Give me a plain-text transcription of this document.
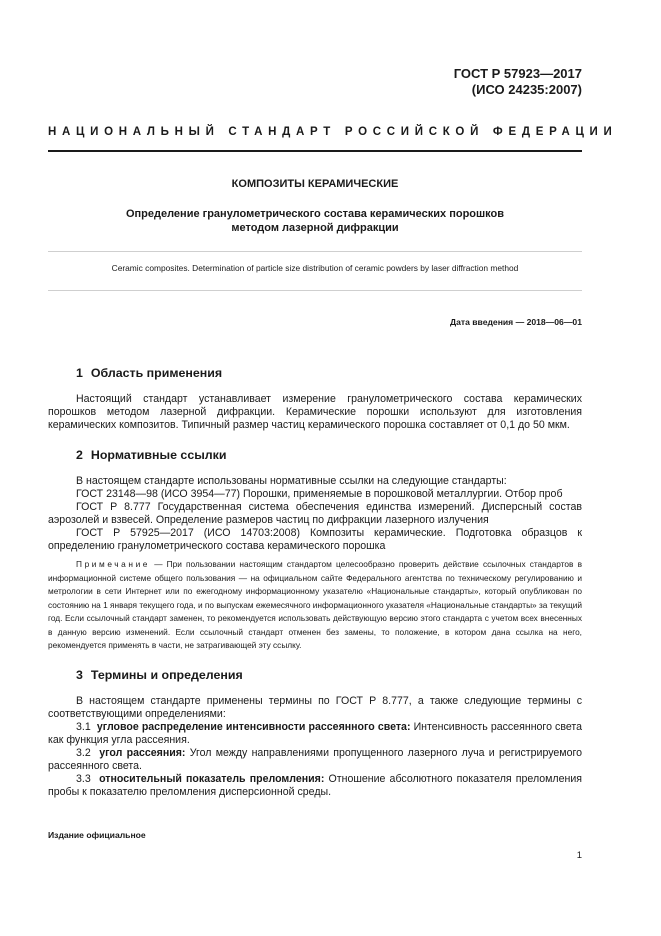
ГОСТ Р 57923—2017
(ИСО 24235:2007)
НАЦИОНАЛЬНЫЙ СТАНДАРТ РОССИЙСКОЙ ФЕДЕРАЦИИ
КОМПОЗИТЫ КЕРАМИЧЕСКИЕ
Определение гранулометрического состава керамических порошков
методом лазерной дифракции
Ceramic composites. Determination of particle size distribution of ceramic powders by laser diffraction method
Дата введения — 2018—06—01
1 Область применения

Настоящий стандарт устанавливает измерение гранулометрического состава керамических порошков методом лазерной дифракции. Керамические порошки используют для изготовления керамических композитов. Типичный размер частиц керамического порошка составляет от 0,1 до 50 мкм.

2 Нормативные ссылки

В настоящем стандарте использованы нормативные ссылки на следующие стандарты:

ГОСТ 23148—98 (ИСО 3954—77) Порошки, применяемые в порошковой металлургии. Отбор проб

ГОСТ Р 8.777 Государственная система обеспечения единства измерений. Дисперсный состав аэрозолей и взвесей. Определение размеров частиц по дифракции лазерного излучения

ГОСТ Р 57925—2017 (ИСО 14703:2008) Композиты керамические. Подготовка образцов к определению гранулометрического состава керамического порошка

Примечание — При пользовании настоящим стандартом целесообразно проверить действие ссылочных стандартов в информационной системе общего пользования — на официальном сайте Федерального агентства по техническому регулированию и метрологии в сети Интернет или по ежегодному информационному указателю «Национальные стандарты», который опубликован по состоянию на 1 января текущего года, и по выпускам ежемесячного информационного указателя «Национальные стандарты» за текущий год. Если ссылочный стандарт заменен, то рекомендуется использовать действующую версию этого стандарта с учетом всех внесенных в данную версию изменений. Если ссылочный стандарт отменен без замены, то положение, в котором дана ссылка на него, рекомендуется применять в части, не затрагивающей эту ссылку.

3 Термины и определения

В настоящем стандарте применены термины по ГОСТ Р 8.777, а также следующие термины с соответствующими определениями:

3.1 угловое распределение интенсивности рассеянного света: Интенсивность рассеянного света как функция угла рассеяния.

3.2 угол рассеяния: Угол между направлениями пропущенного лазерного луча и регистрируемого рассеянного света.

3.3 относительный показатель преломления: Отношение абсолютного показателя преломления пробы к показателю преломления дисперсионной среды.

Издание официальное
1
